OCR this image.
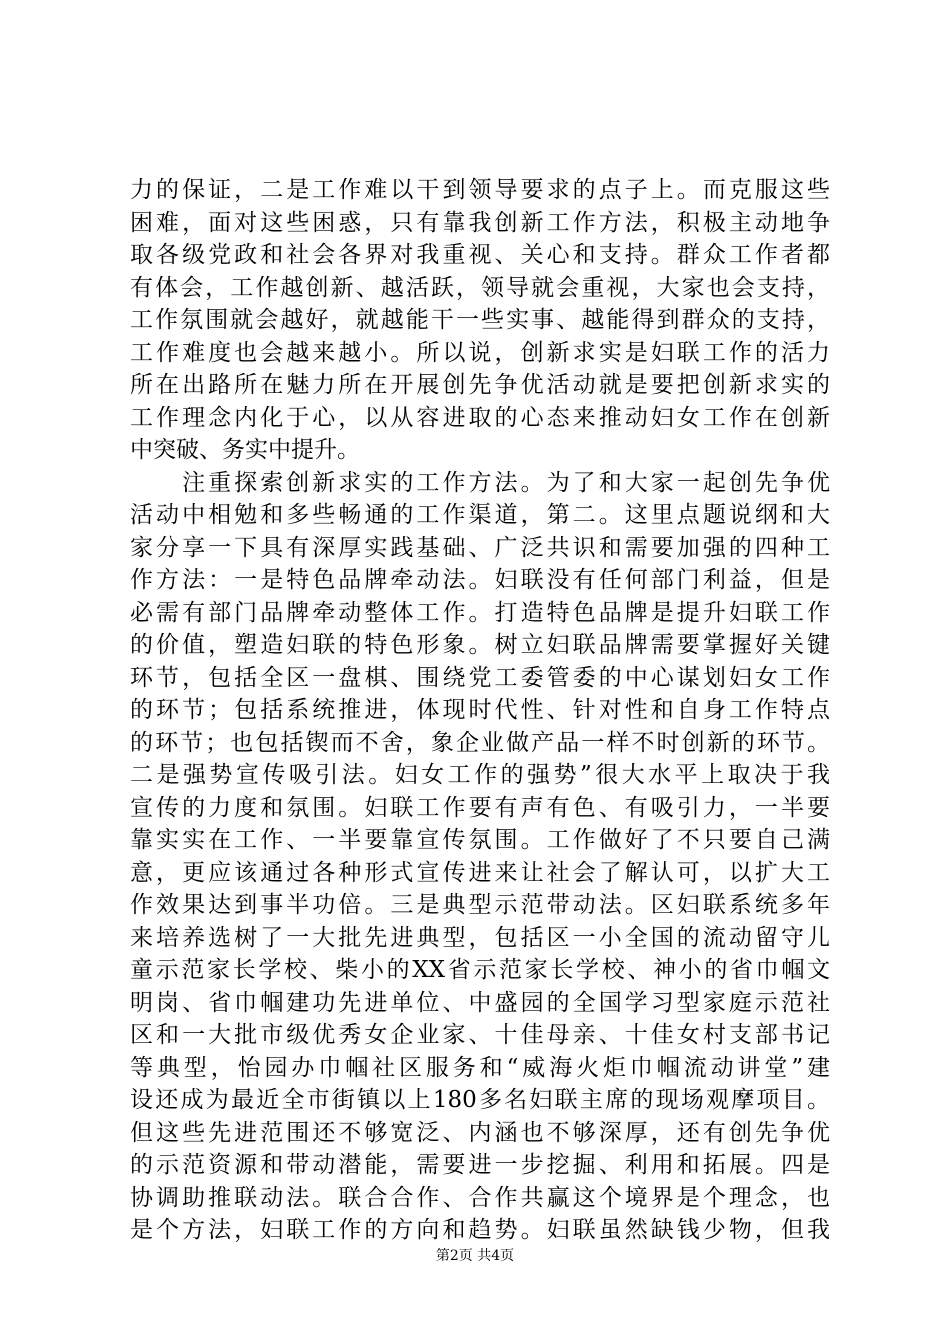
力的保证，二是工作难以干到领导要求的点子上。而克服这些
困难，面对这些困惑，只有靠我创新工作方法，积极主动地争
取各级党政和社会各界对我重视、关心和支持。群众工作者都
有体会，工作越创新、越活跃，领导就会重视，大家也会支持，
工作氛围就会越好，就越能干一些实事、越能得到群众的支持，
工作难度也会越来越小。所以说，创新求实是妇联工作的活力
所在出路所在魅力所在开展创先争优活动就是要把创新求实的
工作理念内化于心，以从容进取的心态来推动妇女工作在创新
中突破、务实中提升。
　　注重探索创新求实的工作方法。为了和大家一起创先争优
活动中相勉和多些畅通的工作渠道，第二。这里点题说纲和大
家分享一下具有深厚实践基础、广泛共识和需要加强的四种工
作方法：一是特色品牌牵动法。妇联没有任何部门利益，但是
必需有部门品牌牵动整体工作。打造特色品牌是提升妇联工作
的价值，塑造妇联的特色形象。树立妇联品牌需要掌握好关键
环节，包括全区一盘棋、围绕党工委管委的中心谋划妇女工作
的环节；包括系统推进，体现时代性、针对性和自身工作特点
的环节；也包括锲而不舍，象企业做产品一样不时创新的环节。
二是强势宣传吸引法。妇女工作的强势”很大水平上取决于我
宣传的力度和氛围。妇联工作要有声有色、有吸引力，一半要
靠实实在工作、一半要靠宣传氛围。工作做好了不只要自己满
意，更应该通过各种形式宣传进来让社会了解认可，以扩大工
作效果达到事半功倍。三是典型示范带动法。区妇联系统多年
来培养选树了一大批先进典型，包括区一小全国的流动留守儿
童示范家长学校、柴小的XX省示范家长学校、神小的省巾帼文
明岗、省巾帼建功先进单位、中盛园的全国学习型家庭示范社
区和一大批市级优秀女企业家、十佳母亲、十佳女村支部书记
等典型，怡园办巾帼社区服务和“威海火炬巾帼流动讲堂”建
设还成为最近全市街镇以上180多名妇联主席的现场观摩项目。
但这些先进范围还不够宽泛、内涵也不够深厚，还有创先争优
的示范资源和带动潜能，需要进一步挖掘、利用和拓展。四是
协调助推联动法。联合合作、合作共赢这个境界是个理念，也
是个方法，妇联工作的方向和趋势。妇联虽然缺钱少物，但我
第2页 共4页
